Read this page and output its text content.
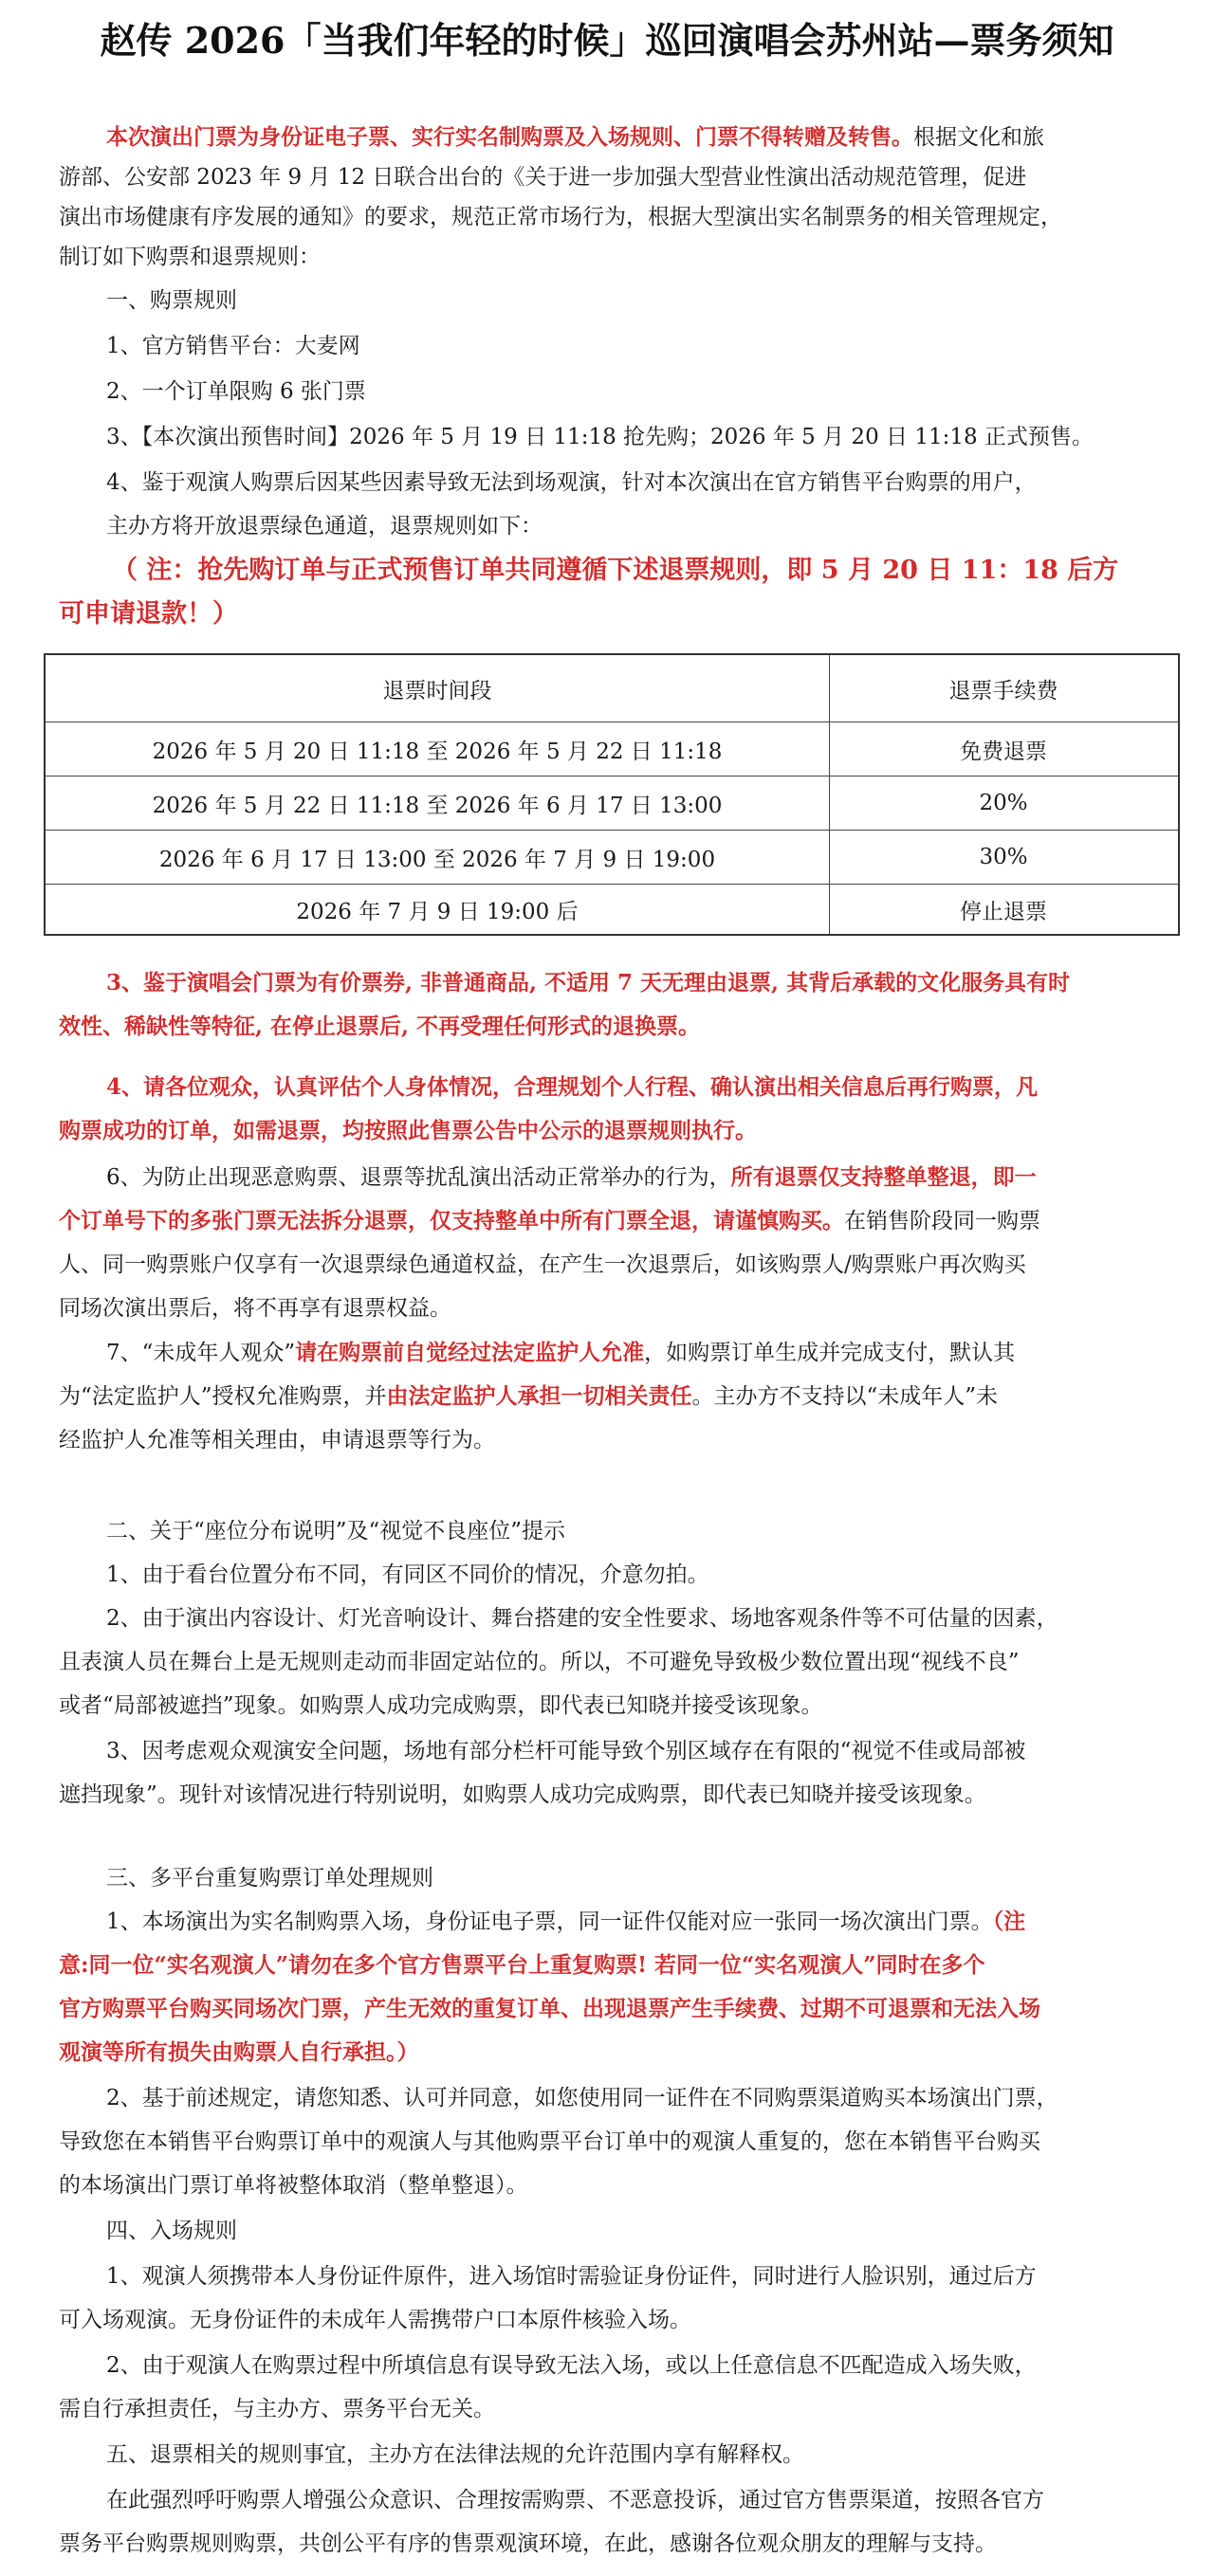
赵传 2026「当我们年轻的时候」巡回演唱会苏州站—票务须知
本次演出门票为身份证电子票、实行实名制购票及入场规则、门票不得转赠及转售。根据文化和旅
游部、公安部 2023 年 9 月 12 日联合出台的《关于进一步加强大型营业性演出活动规范管理，促进
演出市场健康有序发展的通知》的要求，规范正常市场行为，根据大型演出实名制票务的相关管理规定，
制订如下购票和退票规则：
一、购票规则
1、官方销售平台：大麦网
2、一个订单限购 6 张门票
3、【本次演出预售时间】2026 年 5 月 19 日 11:18 抢先购；2026 年 5 月 20 日 11:18 正式预售。
4、鉴于观演人购票后因某些因素导致无法到场观演，针对本次演出在官方销售平台购票的用户，
主办方将开放退票绿色通道，退票规则如下：
（ 注：抢先购订单与正式预售订单共同遵循下述退票规则，即 5 月 20 日 11：18 后方
可申请退款！）
退票时间段	退票手续费
2026 年 5 月 20 日 11:18 至 2026 年 5 月 22 日 11:18	免费退票
2026 年 5 月 22 日 11:18 至 2026 年 6 月 17 日 13:00	20%
2026 年 6 月 17 日 13:00 至 2026 年 7 月 9 日 19:00	30%
2026 年 7 月 9 日 19:00 后	停止退票
3、鉴于演唱会门票为有价票券, 非普通商品, 不适用 7 天无理由退票, 其背后承载的文化服务具有时
效性、稀缺性等特征, 在停止退票后, 不再受理任何形式的退换票。
4、请各位观众，认真评估个人身体情况，合理规划个人行程、确认演出相关信息后再行购票，凡
购票成功的订单，如需退票，均按照此售票公告中公示的退票规则执行。
6、为防止出现恶意购票、退票等扰乱演出活动正常举办的行为，所有退票仅支持整单整退，即一
个订单号下的多张门票无法拆分退票，仅支持整单中所有门票全退，请谨慎购买。在销售阶段同一购票
人、同一购票账户仅享有一次退票绿色通道权益，在产生一次退票后，如该购票人/购票账户再次购买
同场次演出票后，将不再享有退票权益。
7、“未成年人观众”请在购票前自觉经过法定监护人允准，如购票订单生成并完成支付，默认其
为“法定监护人”授权允准购票，并由法定监护人承担一切相关责任。主办方不支持以“未成年人”未
经监护人允准等相关理由，申请退票等行为。
二、关于“座位分布说明”及“视觉不良座位”提示
1、由于看台位置分布不同，有同区不同价的情况，介意勿拍。
2、由于演出内容设计、灯光音响设计、舞台搭建的安全性要求、场地客观条件等不可估量的因素，
且表演人员在舞台上是无规则走动而非固定站位的。所以，不可避免导致极少数位置出现“视线不良”
或者“局部被遮挡”现象。如购票人成功完成购票，即代表已知晓并接受该现象。
3、因考虑观众观演安全问题，场地有部分栏杆可能导致个别区域存在有限的“视觉不佳或局部被
遮挡现象”。现针对该情况进行特别说明，如购票人成功完成购票，即代表已知晓并接受该现象。
三、多平台重复购票订单处理规则
1、本场演出为实名制购票入场，身份证电子票，同一证件仅能对应一张同一场次演出门票。（注
意:同一位“实名观演人”请勿在多个官方售票平台上重复购票! 若同一位“实名观演人”同时在多个
官方购票平台购买同场次门票，产生无效的重复订单、出现退票产生手续费、过期不可退票和无法入场
观演等所有损失由购票人自行承担。）
2、基于前述规定，请您知悉、认可并同意，如您使用同一证件在不同购票渠道购买本场演出门票，
导致您在本销售平台购票订单中的观演人与其他购票平台订单中的观演人重复的，您在本销售平台购买
的本场演出门票订单将被整体取消（整单整退）。
四、入场规则
1、观演人须携带本人身份证件原件，进入场馆时需验证身份证件，同时进行人脸识别，通过后方
可入场观演。无身份证件的未成年人需携带户口本原件核验入场。
2、由于观演人在购票过程中所填信息有误导致无法入场，或以上任意信息不匹配造成入场失败，
需自行承担责任，与主办方、票务平台无关。
五、退票相关的规则事宜，主办方在法律法规的允许范围内享有解释权。
在此强烈呼吁购票人增强公众意识、合理按需购票、不恶意投诉，通过官方售票渠道，按照各官方
票务平台购票规则购票，共创公平有序的售票观演环境，在此，感谢各位观众朋友的理解与支持。
